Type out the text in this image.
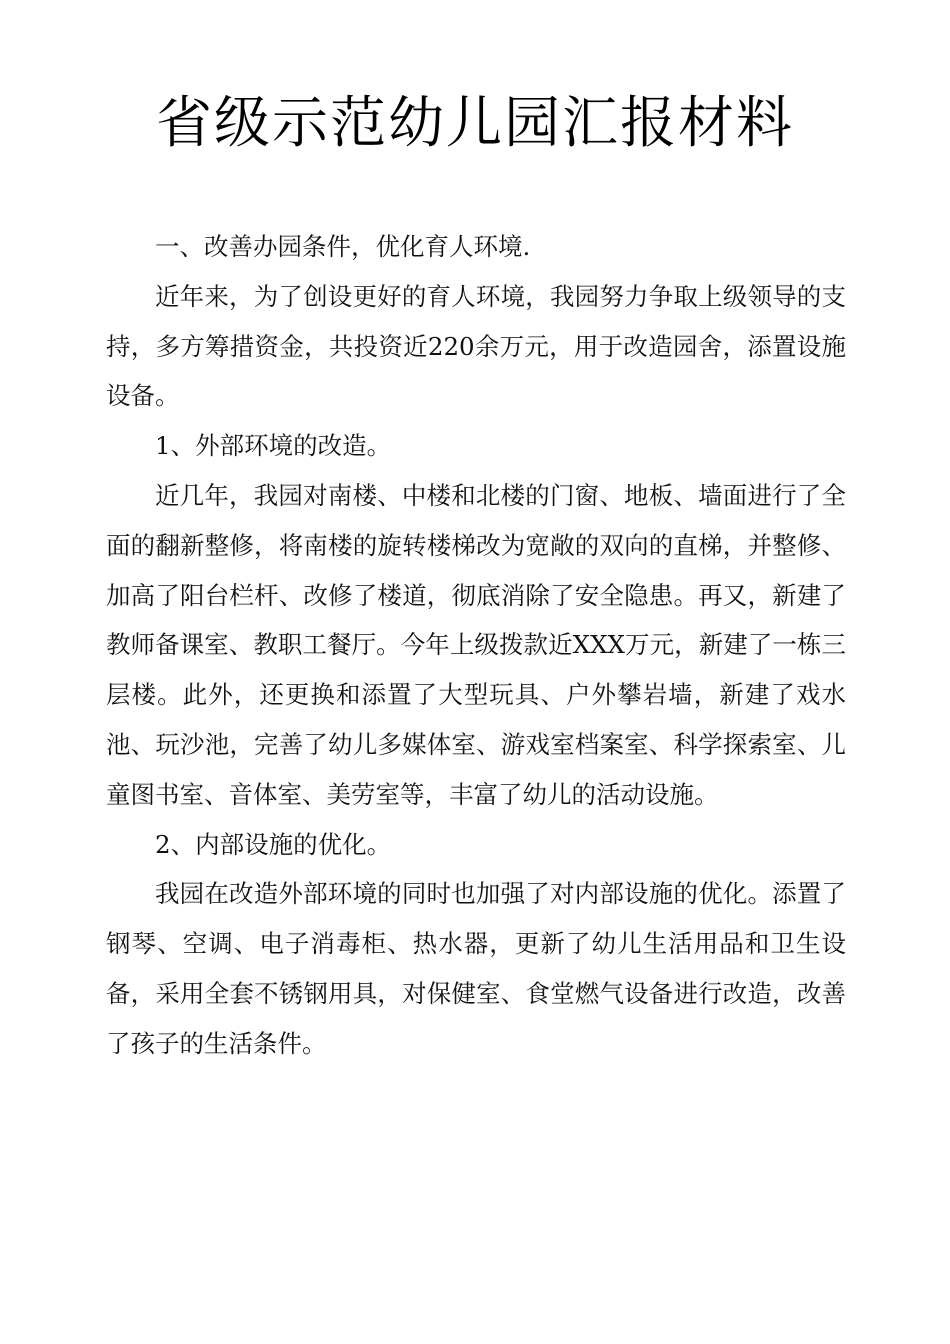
省级示范幼儿园汇报材料

一、改善办园条件，优化育人环境.

近年来，为了创设更好的育人环境，我园努力争取上级领导的支持，多方筹措资金，共投资近220余万元，用于改造园舍，添置设施设备。

1、外部环境的改造。

近几年，我园对南楼、中楼和北楼的门窗、地板、墙面进行了全面的翻新整修，将南楼的旋转楼梯改为宽敞的双向的直梯，并整修、加高了阳台栏杆、改修了楼道，彻底消除了安全隐患。再又，新建了教师备课室、教职工餐厅。今年上级拨款近XXX万元，新建了一栋三层楼。此外，还更换和添置了大型玩具、户外攀岩墙，新建了戏水池、玩沙池，完善了幼儿多媒体室、游戏室档案室、科学探索室、儿童图书室、音体室、美劳室等，丰富了幼儿的活动设施。

2、内部设施的优化。

我园在改造外部环境的同时也加强了对内部设施的优化。添置了钢琴、空调、电子消毒柜、热水器，更新了幼儿生活用品和卫生设备，采用全套不锈钢用具，对保健室、食堂燃气设备进行改造，改善了孩子的生活条件。
